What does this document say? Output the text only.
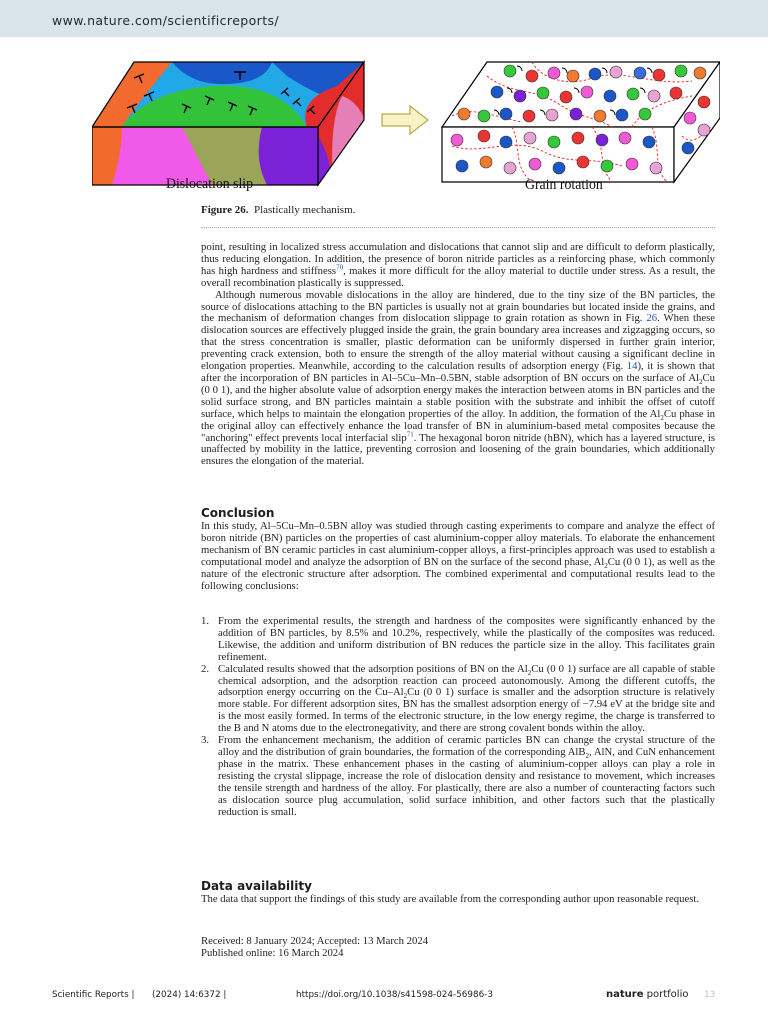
www.nature.com/scientificreports/
Dislocation slip	Grain rotation
Figure 26. Plastically mechanism.

point, resulting in localized stress accumulation and dislocations that cannot slip and are difficult to deform plastically, thus reducing elongation. In addition, the presence of boron nitride particles as a reinforcing phase, which commonly has high hardness and stiffness$^{70}$, makes it more difficult for the alloy material to ductile under stress. As a result, the overall recombination plastically is suppressed.

Although numerous movable dislocations in the alloy are hindered, due to the tiny size of the BN particles, the source of dislocations attaching to the BN particles is usually not at grain boundaries but located inside the grains, and the mechanism of deformation changes from dislocation slippage to grain rotation as shown in Fig. 26. When these dislocation sources are effectively plugged inside the grain, the grain boundary area increases and zigzagging occurs, so that the stress concentration is smaller, plastic deformation can be uniformly dispersed in further grain interior, preventing crack extension, both to ensure the strength of the alloy material without causing a significant decline in elongation properties. Meanwhile, according to the calculation results of adsorption energy (Fig. 14), it is shown that after the incorporation of BN particles in Al–5Cu–Mn–0.5BN, stable adsorption of BN occurs on the surface of $Al_2Cu$ (0 0 1), and the higher absolute value of adsorption energy makes the interaction between atoms in BN particles and the solid surface strong, and BN particles maintain a stable position with the substrate and inhibit the offset of cutoff surface, which helps to maintain the elongation properties of the alloy. In addition, the formation of the $Al_2Cu$ phase in the original alloy can effectively enhance the load transfer of BN in aluminium-based metal composites because the "anchoring" effect prevents local interfacial slip$^{71}$. The hexagonal boron nitride (hBN), which has a layered structure, is unaffected by mobility in the lattice, preventing corrosion and loosening of the grain boundaries, which additionally ensures the elongation of the material.

Conclusion
In this study, Al–5Cu–Mn–0.5BN alloy was studied through casting experiments to compare and analyze the effect of boron nitride (BN) particles on the properties of cast aluminium-copper alloy materials. To elaborate the enhancement mechanism of BN ceramic particles in cast aluminium-copper alloys, a first-principles approach was used to establish a computational model and analyze the adsorption of BN on the surface of the second phase, $Al_2Cu$ (0 0 1), as well as the nature of the electronic structure after adsorption. The combined experimental and computational results lead to the following conclusions:
1. From the experimental results, the strength and hardness of the composites were significantly enhanced by the addition of BN particles, by 8.5% and 10.2%, respectively, while the plastically of the composites was reduced. Likewise, the addition and uniform distribution of BN reduces the particle size in the alloy. This facilitates grain refinement.
2. Calculated results showed that the adsorption positions of BN on the $Al_2Cu$ (0 0 1) surface are all capable of stable chemical adsorption, and the adsorption reaction can proceed autonomously. Among the different cutoffs, the adsorption energy occurring on the $Cu-Al_2Cu$ (0 0 1) surface is smaller and the adsorption structure is relatively more stable. For different adsorption sites, BN has the smallest adsorption energy of −7.94 eV at the bridge site and is the most easily formed. In terms of the electronic structure, in the low energy regime, the charge is transferred to the B and N atoms due to the electronegativity, and there are strong covalent bonds within the alloy.
3. From the enhancement mechanism, the addition of ceramic particles BN can change the crystal structure of the alloy and the distribution of grain boundaries, the formation of the corresponding AlB$_2$, AlN, and CuN enhancement phase in the matrix. These enhancement phases in the casting of aluminium-copper alloys can play a role in resisting the crystal slippage, increase the role of dislocation density and resistance to movement, which increases the tensile strength and hardness of the alloy. For plastically, there are also a number of counteracting factors such as dislocation source plug accumulation, solid surface inhibition, and other factors such that the plastically reduction is small.
Data availability
The data that support the findings of this study are available from the corresponding author upon reasonable request.
Received: 8 January 2024; Accepted: 13 March 2024
Published online: 16 March 2024
Scientific Reports | (2024) 14:6372 |	https://doi.org/10.1038/s41598-024-56986-3	nature portfolio 13
